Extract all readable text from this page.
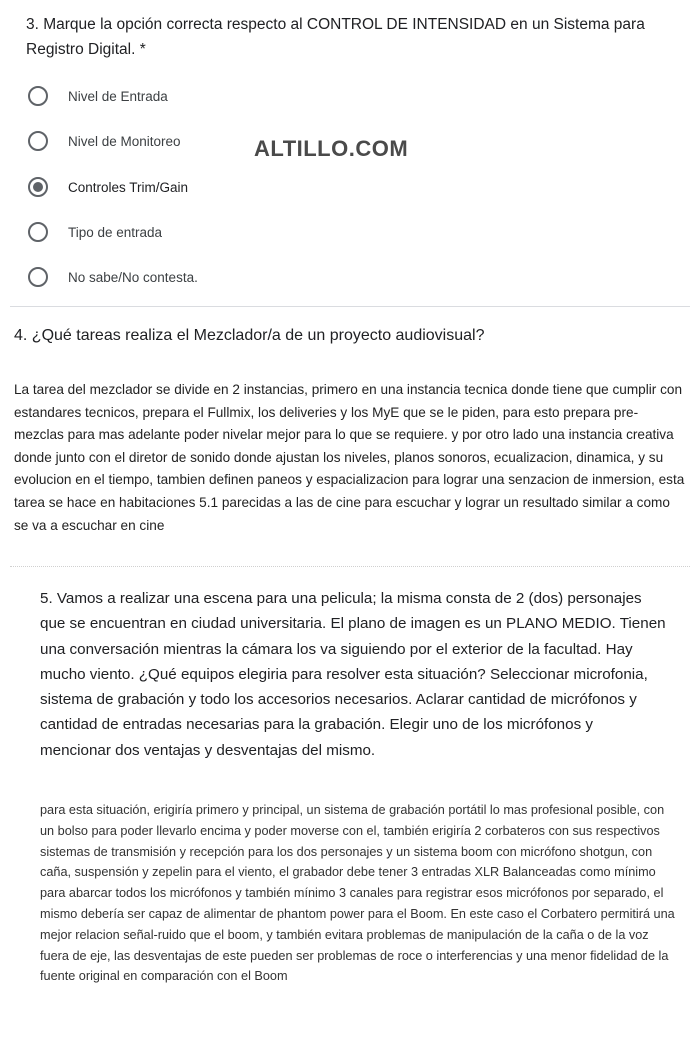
3. Marque la opción correcta respecto al CONTROL DE INTENSIDAD en un Sistema para Registro Digital. *

Nivel de Entrada
Nivel de Monitoreo
Controles Trim/Gain
Tipo de entrada
No sabe/No contesta.
ALTILLO.COM

4. ¿Qué tareas realiza el Mezclador/a de un proyecto audiovisual?

La tarea del mezclador se divide en 2 instancias, primero en una instancia tecnica donde tiene que cumplir con estandares tecnicos, prepara el Fullmix, los deliveries y los MyE que se le piden, para esto prepara pre-mezclas para mas adelante poder nivelar mejor para lo que se requiere. y por otro lado una instancia creativa donde junto con el diretor de sonido donde ajustan los niveles, planos sonoros, ecualizacion, dinamica, y su evolucion en el tiempo, tambien definen paneos y espacializacion para lograr una senzacion de inmersion, esta tarea se hace en habitaciones 5.1 parecidas a las de cine para escuchar y lograr un resultado similar a como se va a escuchar en cine

5. Vamos a realizar una escena para una pelicula; la misma consta de 2 (dos) personajes que se encuentran en ciudad universitaria. El plano de imagen es un PLANO MEDIO. Tienen una conversación mientras la cámara los va siguiendo por el exterior de la facultad. Hay mucho viento. ¿Qué equipos elegiria para resolver esta situación? Seleccionar microfonia, sistema de grabación y todo los accesorios necesarios. Aclarar cantidad de micrófonos y cantidad de entradas necesarias para la grabación. Elegir uno de los micrófonos y mencionar dos ventajas y desventajas del mismo.

para esta situación, erigiría primero y principal, un sistema de grabación portátil lo mas profesional posible, con un bolso para poder llevarlo encima y poder moverse con el, también erigiría 2 corbateros con sus respectivos sistemas de transmisión y recepción para los dos personajes y un sistema boom con micrófono shotgun, con caña, suspensión y zepelin para el viento, el grabador debe tener 3 entradas XLR Balanceadas como mínimo para abarcar todos los micrófonos y también mínimo 3 canales para registrar esos micrófonos por separado, el mismo debería ser capaz de alimentar de phantom power para el Boom. En este caso el Corbatero permitirá una mejor relacion señal-ruido que el boom, y también evitara problemas de manipulación de la caña o de la voz fuera de eje, las desventajas de este pueden ser problemas de roce o interferencias y una menor fidelidad de la fuente original en comparación con el Boom
